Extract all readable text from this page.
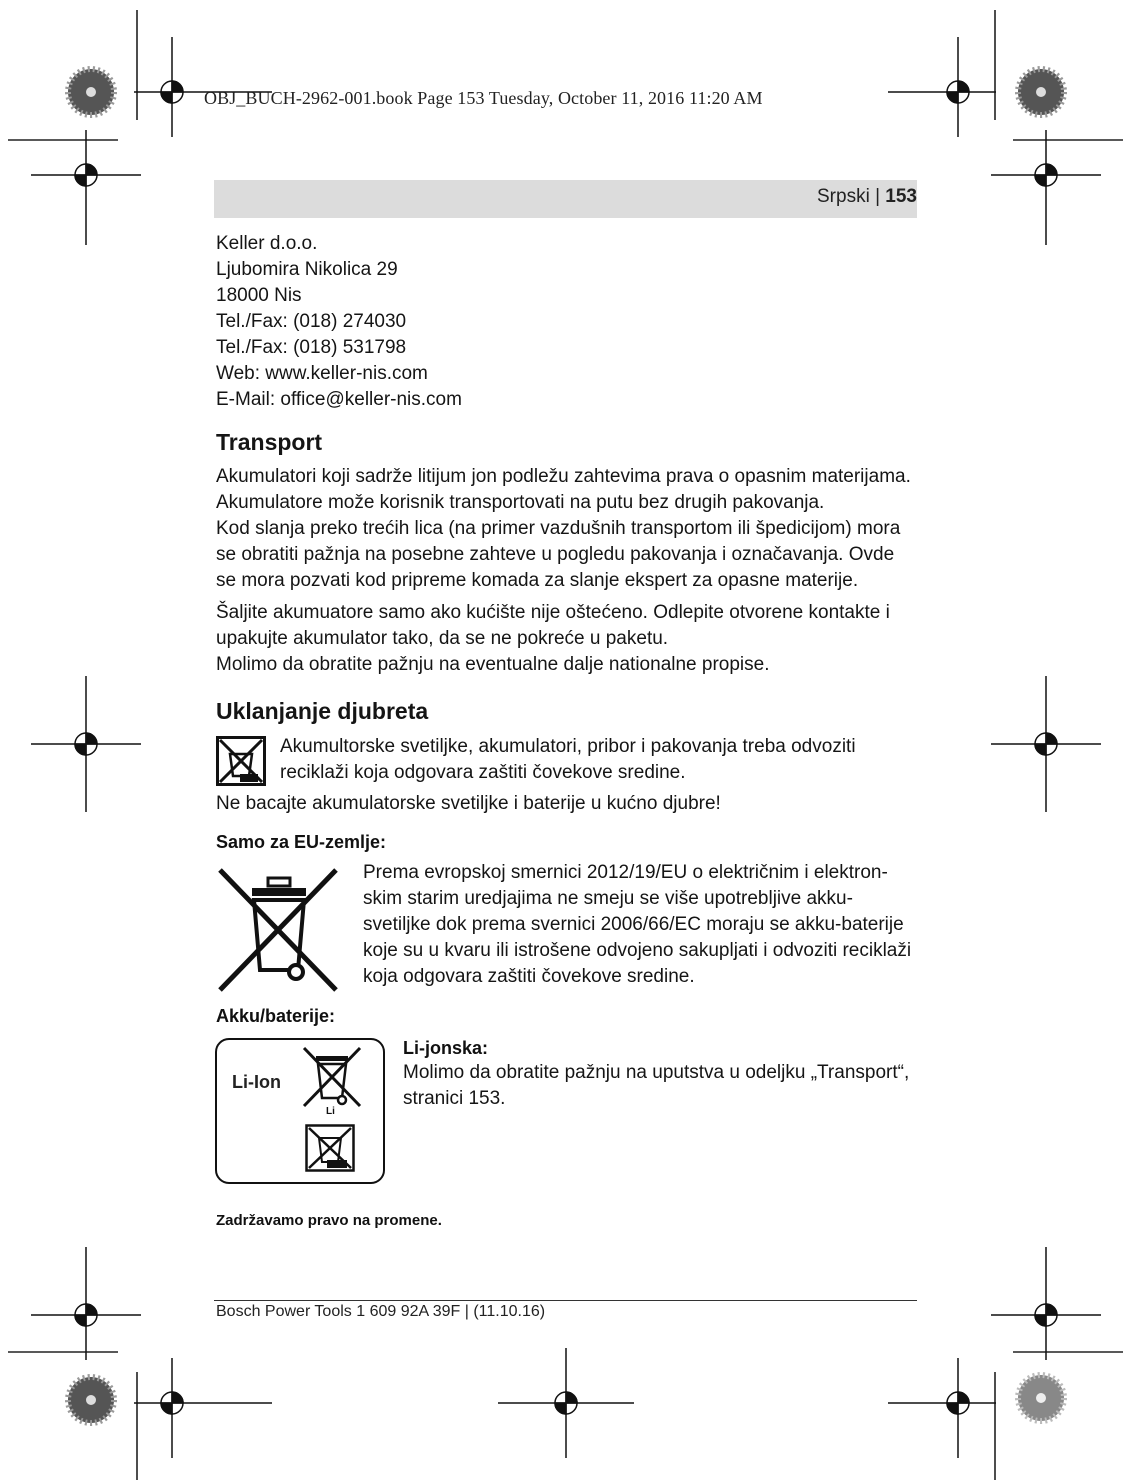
OBJ_BUCH-2962-001.book Page 153 Tuesday, October 11, 2016 11:20 AM
Srpski | 153
Keller d.o.o.
Ljubomira Nikolica 29
18000 Nis
Tel./Fax: (018) 274030
Tel./Fax: (018) 531798
Web: www.keller-nis.com
E-Mail: office@keller-nis.com
Transport

Akumulatori koji sadrže litijum jon podležu zahtevima prava o opasnim materijama. Akumulatore može korisnik transportovati na putu bez drugih pakovanja.

Kod slanja preko trećih lica (na primer vazdušnih transportom ili špedicijom) mora se obratiti pažnja na posebne zahteve u pogledu pakovanja i označavanja. Ovde se mora pozvati kod pripreme komada za slanje ekspert za opasne materije.

Šaljite akumuatore samo ako kućište nije oštećeno. Odlepite otvorene kontakte i upakujte akumulator tako, da se ne pokreće u paketu.

Molimo da obratite pažnju na eventualne dalje nationalne propise.

Uklanjanje djubreta
Akumultorske svetiljke, akumulatori, pribor i pakovanja treba odvoziti reciklaži koja odgovara zaštiti čovekove sredine.
Ne bacajte akumulatorske svetiljke i baterije u kućno djubre!
Samo za EU-zemlje:
Prema evropskoj smernici 2012/19/EU o električnim i elektron-skim starim uredjajima ne smeju se više upotrebljive akku-svetiljke dok prema svernici 2006/66/EC moraju se akku-baterije koje su u kvaru ili istrošene odvojeno sakupljati i odvoziti reciklaži koja odgovara zaštiti čovekove sredine.
Akku/baterije:
Li-Ion
Li
Li-jonska:
Molimo da obratite pažnju na uputstva u odeljku „Transport“, stranici 153.
Zadržavamo pravo na promene.
Bosch Power Tools 1 609 92A 39F | (11.10.16)
